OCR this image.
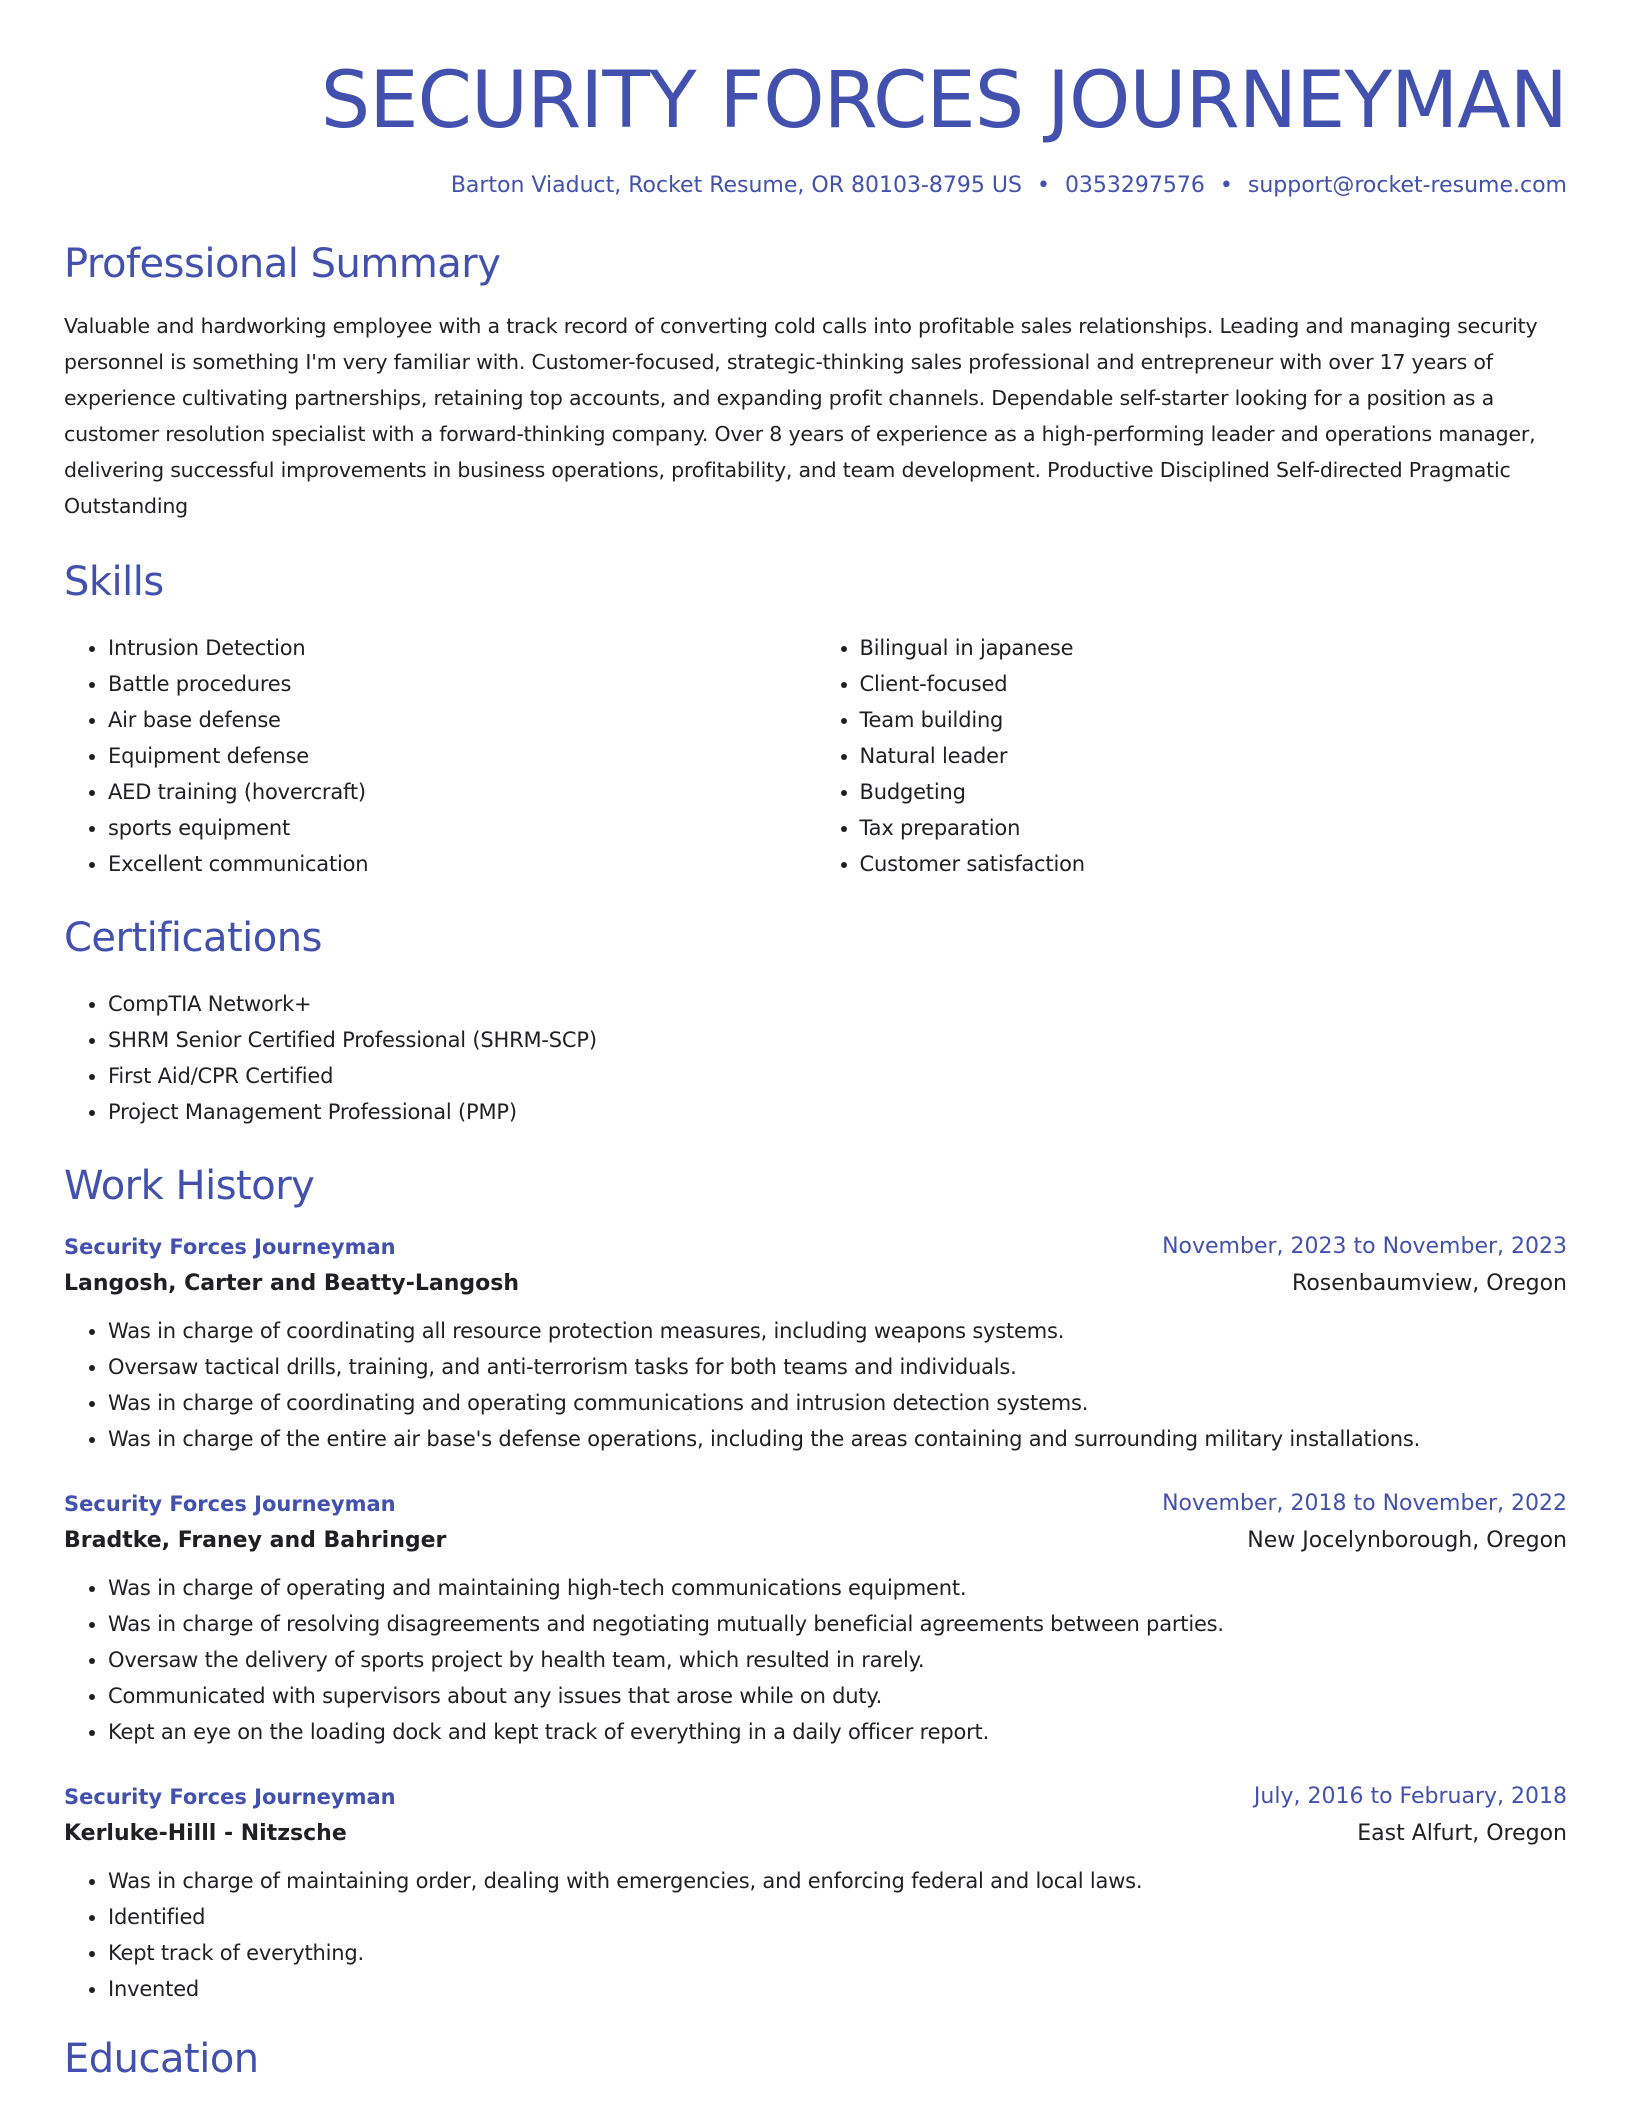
SECURITY FORCES JOURNEYMAN
Barton Viaduct, Rocket Resume, OR 80103-8795 US • 0353297576 • support@rocket-resume.com
Professional Summary
Valuable and hardworking employee with a track record of converting cold calls into profitable sales relationships. Leading and managing security personnel is something I'm very familiar with. Customer-focused, strategic-thinking sales professional and entrepreneur with over 17 years of experience cultivating partnerships, retaining top accounts, and expanding profit channels. Dependable self-starter looking for a position as a customer resolution specialist with a forward-thinking company. Over 8 years of experience as a high-performing leader and operations manager, delivering successful improvements in business operations, profitability, and team development. Productive Disciplined Self-directed Pragmatic Outstanding
Skills
• Intrusion Detection
• Battle procedures
• Air base defense
• Equipment defense
• AED training (hovercraft)
• sports equipment
• Excellent communication
• Bilingual in japanese
• Client-focused
• Team building
• Natural leader
• Budgeting
• Tax preparation
• Customer satisfaction
Certifications
• CompTIA Network+
• SHRM Senior Certified Professional (SHRM-SCP)
• First Aid/CPR Certified
• Project Management Professional (PMP)
Work History
Security Forces Journeyman	November, 2023 to November, 2023
Langosh, Carter and Beatty-Langosh	Rosenbaumview, Oregon
• Was in charge of coordinating all resource protection measures, including weapons systems.
• Oversaw tactical drills, training, and anti-terrorism tasks for both teams and individuals.
• Was in charge of coordinating and operating communications and intrusion detection systems.
• Was in charge of the entire air base's defense operations, including the areas containing and surrounding military installations.
Security Forces Journeyman	November, 2018 to November, 2022
Bradtke, Franey and Bahringer	New Jocelynborough, Oregon
• Was in charge of operating and maintaining high-tech communications equipment.
• Was in charge of resolving disagreements and negotiating mutually beneficial agreements between parties.
• Oversaw the delivery of sports project by health team, which resulted in rarely.
• Communicated with supervisors about any issues that arose while on duty.
• Kept an eye on the loading dock and kept track of everything in a daily officer report.
Security Forces Journeyman	July, 2016 to February, 2018
Kerluke-Hilll - Nitzsche	East Alfurt, Oregon
• Was in charge of maintaining order, dealing with emergencies, and enforcing federal and local laws.
• Identified
• Kept track of everything.
• Invented
Education
